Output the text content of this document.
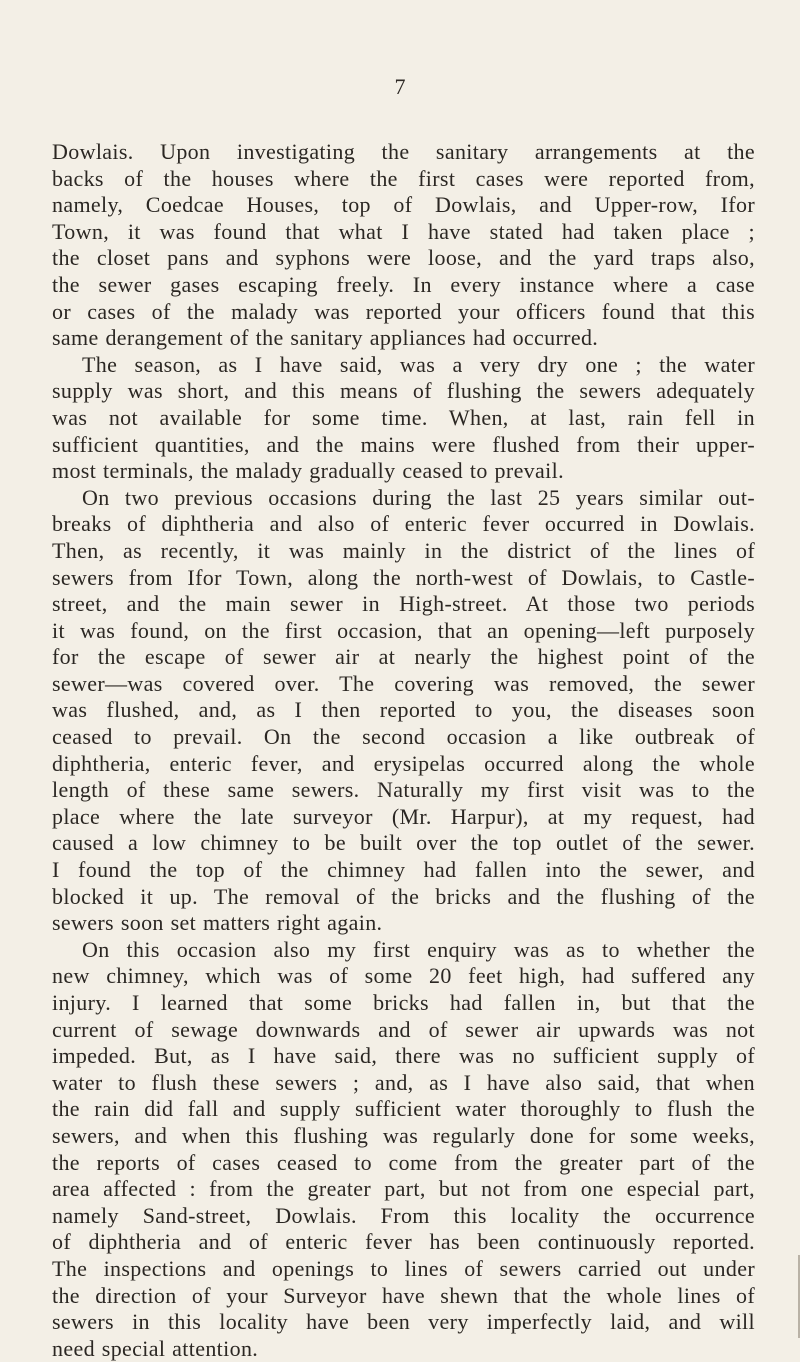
7
Dowlais. Upon investigating the sanitary arrangements at the
backs of the houses where the first cases were reported from,
namely, Coedcae Houses, top of Dowlais, and Upper-row, Ifor
Town, it was found that what I have stated had taken place ;
the closet pans and syphons were loose, and the yard traps also,
the sewer gases escaping freely. In every instance where a case
or cases of the malady was reported your officers found that this
same derangement of the sanitary appliances had occurred.
The season, as I have said, was a very dry one ; the water
supply was short, and this means of flushing the sewers adequately
was not available for some time. When, at last, rain fell in
sufficient quantities, and the mains were flushed from their upper-
most terminals, the malady gradually ceased to prevail.
On two previous occasions during the last 25 years similar out-
breaks of diphtheria and also of enteric fever occurred in Dowlais.
Then, as recently, it was mainly in the district of the lines of
sewers from Ifor Town, along the north-west of Dowlais, to Castle-
street, and the main sewer in High-street. At those two periods
it was found, on the first occasion, that an opening—left purposely
for the escape of sewer air at nearly the highest point of the
sewer—was covered over. The covering was removed, the sewer
was flushed, and, as I then reported to you, the diseases soon
ceased to prevail. On the second occasion a like outbreak of
diphtheria, enteric fever, and erysipelas occurred along the whole
length of these same sewers. Naturally my first visit was to the
place where the late surveyor (Mr. Harpur), at my request, had
caused a low chimney to be built over the top outlet of the sewer.
I found the top of the chimney had fallen into the sewer, and
blocked it up. The removal of the bricks and the flushing of the
sewers soon set matters right again.
On this occasion also my first enquiry was as to whether the
new chimney, which was of some 20 feet high, had suffered any
injury. I learned that some bricks had fallen in, but that the
current of sewage downwards and of sewer air upwards was not
impeded. But, as I have said, there was no sufficient supply of
water to flush these sewers ; and, as I have also said, that when
the rain did fall and supply sufficient water thoroughly to flush the
sewers, and when this flushing was regularly done for some weeks,
the reports of cases ceased to come from the greater part of the
area affected : from the greater part, but not from one especial part,
namely Sand-street, Dowlais. From this locality the occurrence
of diphtheria and of enteric fever has been continuously reported.
The inspections and openings to lines of sewers carried out under
the direction of your Surveyor have shewn that the whole lines of
sewers in this locality have been very imperfectly laid, and will
need special attention.
